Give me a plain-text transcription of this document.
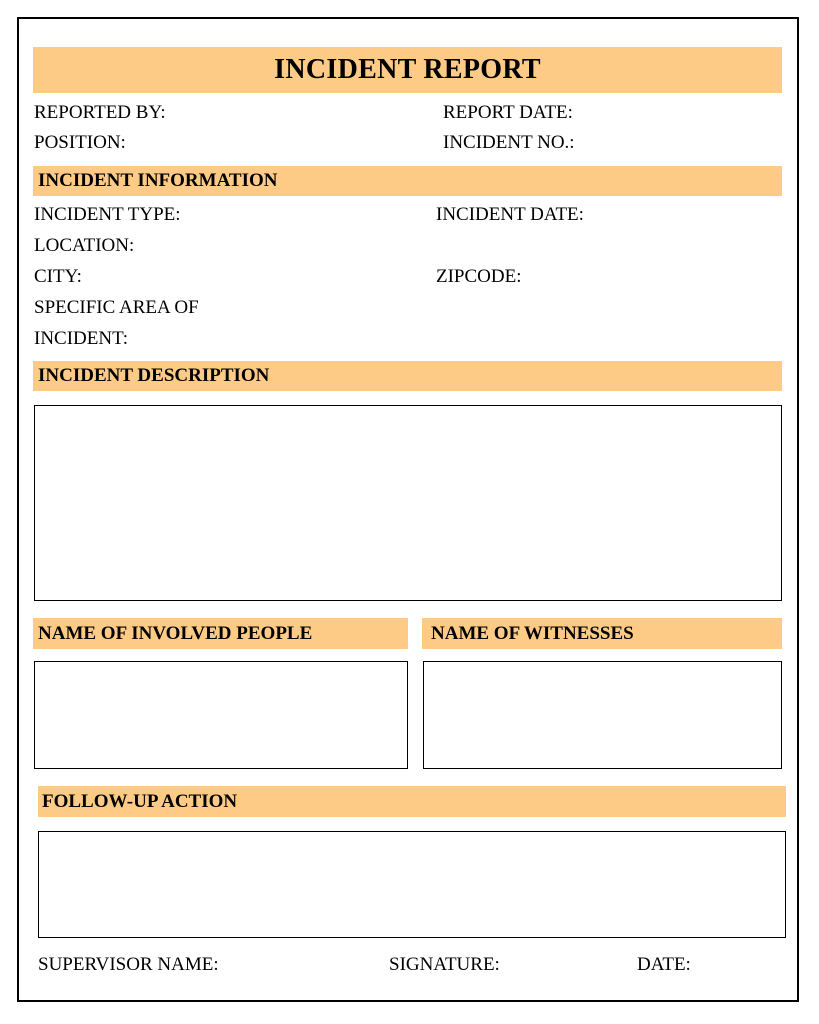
INCIDENT REPORT
REPORTED BY:	REPORT DATE:
POSITION:	INCIDENT NO.:
INCIDENT INFORMATION
INCIDENT TYPE:	INCIDENT DATE:
LOCATION:
CITY:	ZIPCODE:
SPECIFIC AREA OF
INCIDENT:
INCIDENT DESCRIPTION
NAME OF INVOLVED PEOPLE	NAME OF WITNESSES
FOLLOW-UP ACTION
SUPERVISOR NAME:	SIGNATURE:	DATE:
